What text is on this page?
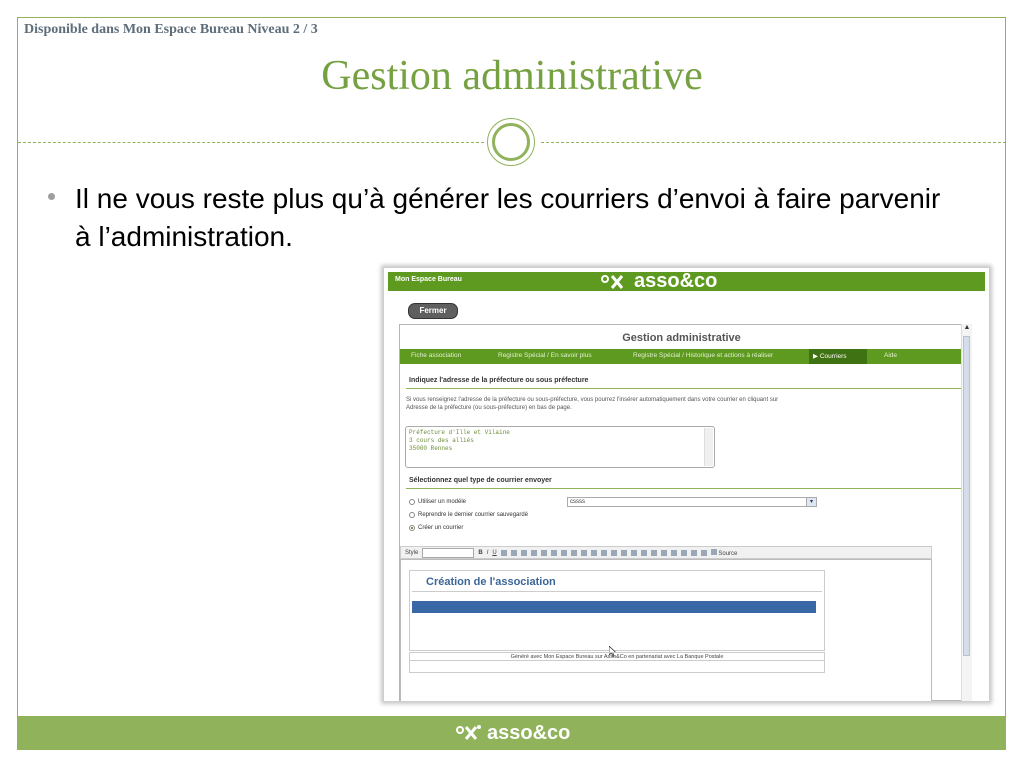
Disponible dans Mon Espace Bureau Niveau 2 / 3
Gestion administrative
Il ne vous reste plus qu’à générer les courriers d’envoi à faire parvenir à l’administration.
Mon Espace Bureau	asso&co
Fermer
Gestion administrative
Fiche association	Registre Spécial / En savoir plus	Registre Spécial / Historique et actions à réaliser	▶ Courriers	Aide
Indiquez l'adresse de la préfecture ou sous préfecture
Si vous renseignez l'adresse de la préfecture ou sous-préfecture, vous pourrez l'insérer automatiquement dans votre courrier en cliquant sur
Adresse de la préfecture (ou sous-préfecture) en bas de page.
Préfecture d'Ille et Vilaine
3 cours des alliés
35000 Rennes
Sélectionnez quel type de courrier envoyer
Utiliser un modèle	cssss	▾
Reprendre le dernier courrier sauvegardé
Créer un courrier
Style	B I U	Source
Création de l'association
Généré avec Mon Espace Bureau sur Asso&Co en partenariat avec La Banque Postale
▲
asso&co
